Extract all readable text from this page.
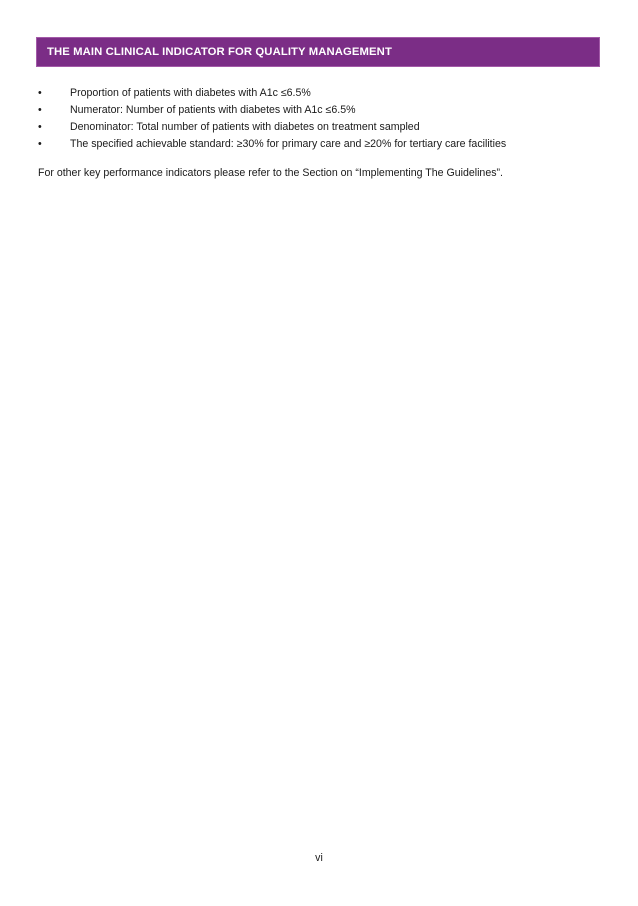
THE MAIN CLINICAL INDICATOR FOR QUALITY MANAGEMENT
•	Proportion of patients with diabetes with A1c ≤6.5%
•	Numerator: Number of patients with diabetes with A1c ≤6.5%
•	Denominator: Total number of patients with diabetes on treatment sampled
•	The specified achievable standard: ≥30% for primary care and ≥20% for tertiary care facilities

For other key performance indicators please refer to the Section on “Implementing The Guidelines”.

vi
